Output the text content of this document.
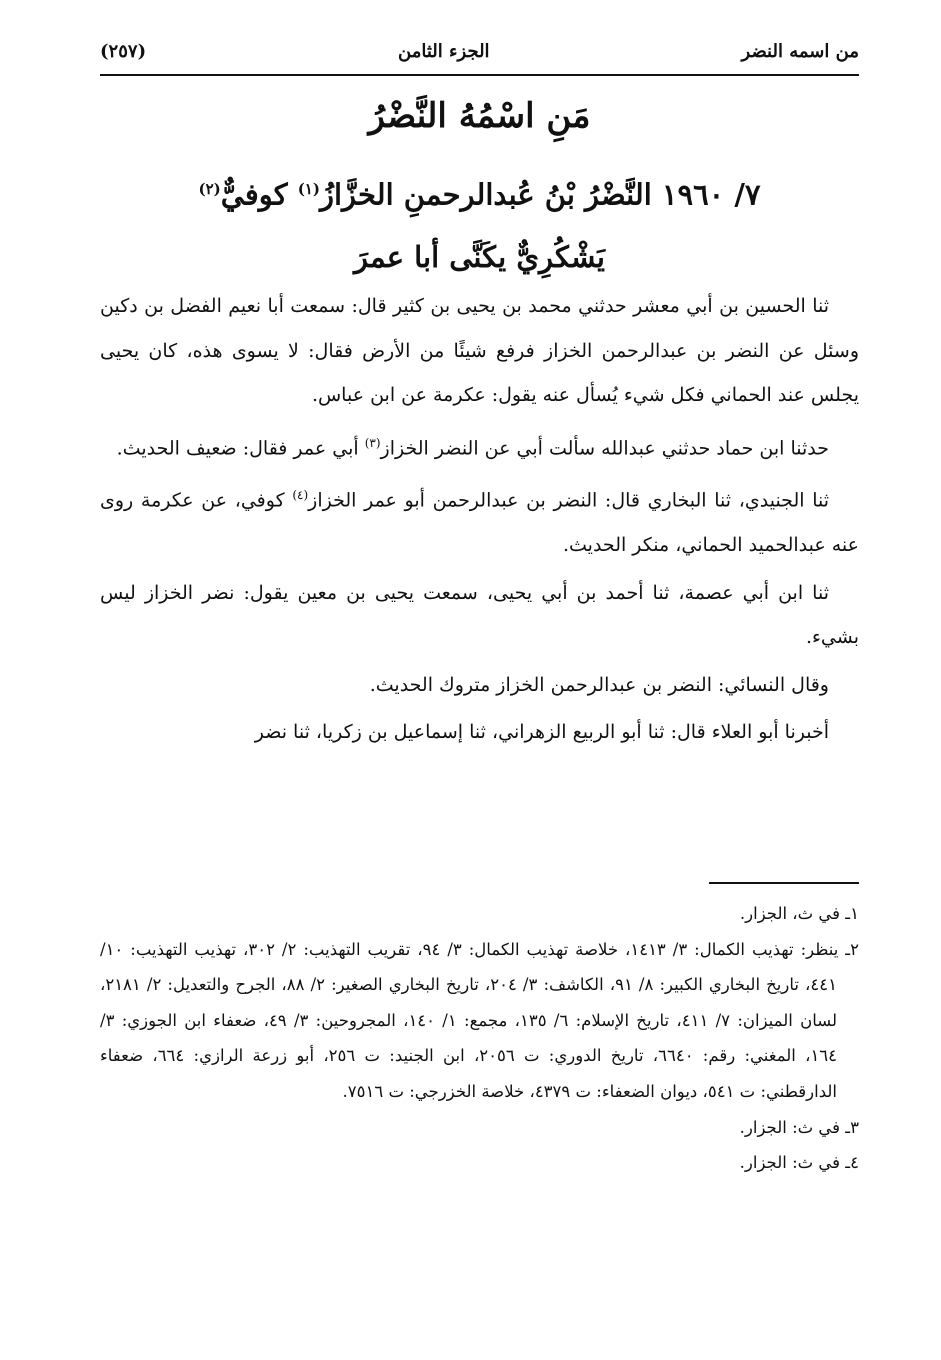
من اسمه النضر
الجزء الثامن
(٢٥٧)
مَنِ اسْمُهُ النَّضْرُ
٧/ ١٩٦٠ النَّضْرُ بْنُ عُبدالرحمنِ الخزَّازُ$^{(١)}$ كوفيٌّ$^{(٢)}$
يَشْكُرِيٌّ يكَنَّى أبا عمرَ

ثنا الحسين بن أبي معشر حدثني محمد بن يحيى بن كثير قال: سمعت أبا نعيم الفضل بن دكين وسئل عن النضر بن عبدالرحمن الخزاز فرفع شيئًا من الأرض فقال: لا يسوى هذه، كان يحيى يجلس عند الحماني فكل شيء يُسأل عنه يقول: عكرمة عن ابن عباس.

حدثنا ابن حماد حدثني عبدالله سألت أبي عن النضر الخزاز$^{(٣)}$ أبي عمر فقال: ضعيف الحديث.

ثنا الجنيدي، ثنا البخاري قال: النضر بن عبدالرحمن أبو عمر الخزاز$^{(٤)}$ كوفي، عن عكرمة روى عنه عبدالحميد الحماني، منكر الحديث.

ثنا ابن أبي عصمة، ثنا أحمد بن أبي يحيى، سمعت يحيى بن معين يقول: نضر الخزاز ليس بشيء.

وقال النسائي: النضر بن عبدالرحمن الخزاز متروك الحديث.

أخبرنا أبو العلاء قال: ثنا أبو الربيع الزهراني، ثنا إسماعيل بن زكريا، ثنا نضر

١ـ في ث، الجزار.

٢ـ ينظر: تهذيب الكمال: ٣/ ١٤١٣، خلاصة تهذيب الكمال: ٣/ ٩٤، تقريب التهذيب: ٢/ ٣٠٢، تهذيب التهذيب: ١٠/ ٤٤١، تاريخ البخاري الكبير: ٨/ ٩١، الكاشف: ٣/ ٢٠٤، تاريخ البخاري الصغير: ٢/ ٨٨، الجرح والتعديل: ٢/ ٢١٨١، لسان الميزان: ٧/ ٤١١، تاريخ الإسلام: ٦/ ١٣٥، مجمع: ١/ ١٤٠، المجروحين: ٣/ ٤٩، ضعفاء ابن الجوزي: ٣/ ١٦٤، المغني: رقم: ٦٦٤٠، تاريخ الدوري: ت ٢٠٥٦، ابن الجنيد: ت ٢٥٦، أبو زرعة الرازي: ٦٦٤، ضعفاء الدارقطني: ت ٥٤١، ديوان الضعفاء: ت ٤٣٧٩، خلاصة الخزرجي: ت ٧٥١٦.

٣ـ في ث: الجزار.

٤ـ في ث: الجزار.
